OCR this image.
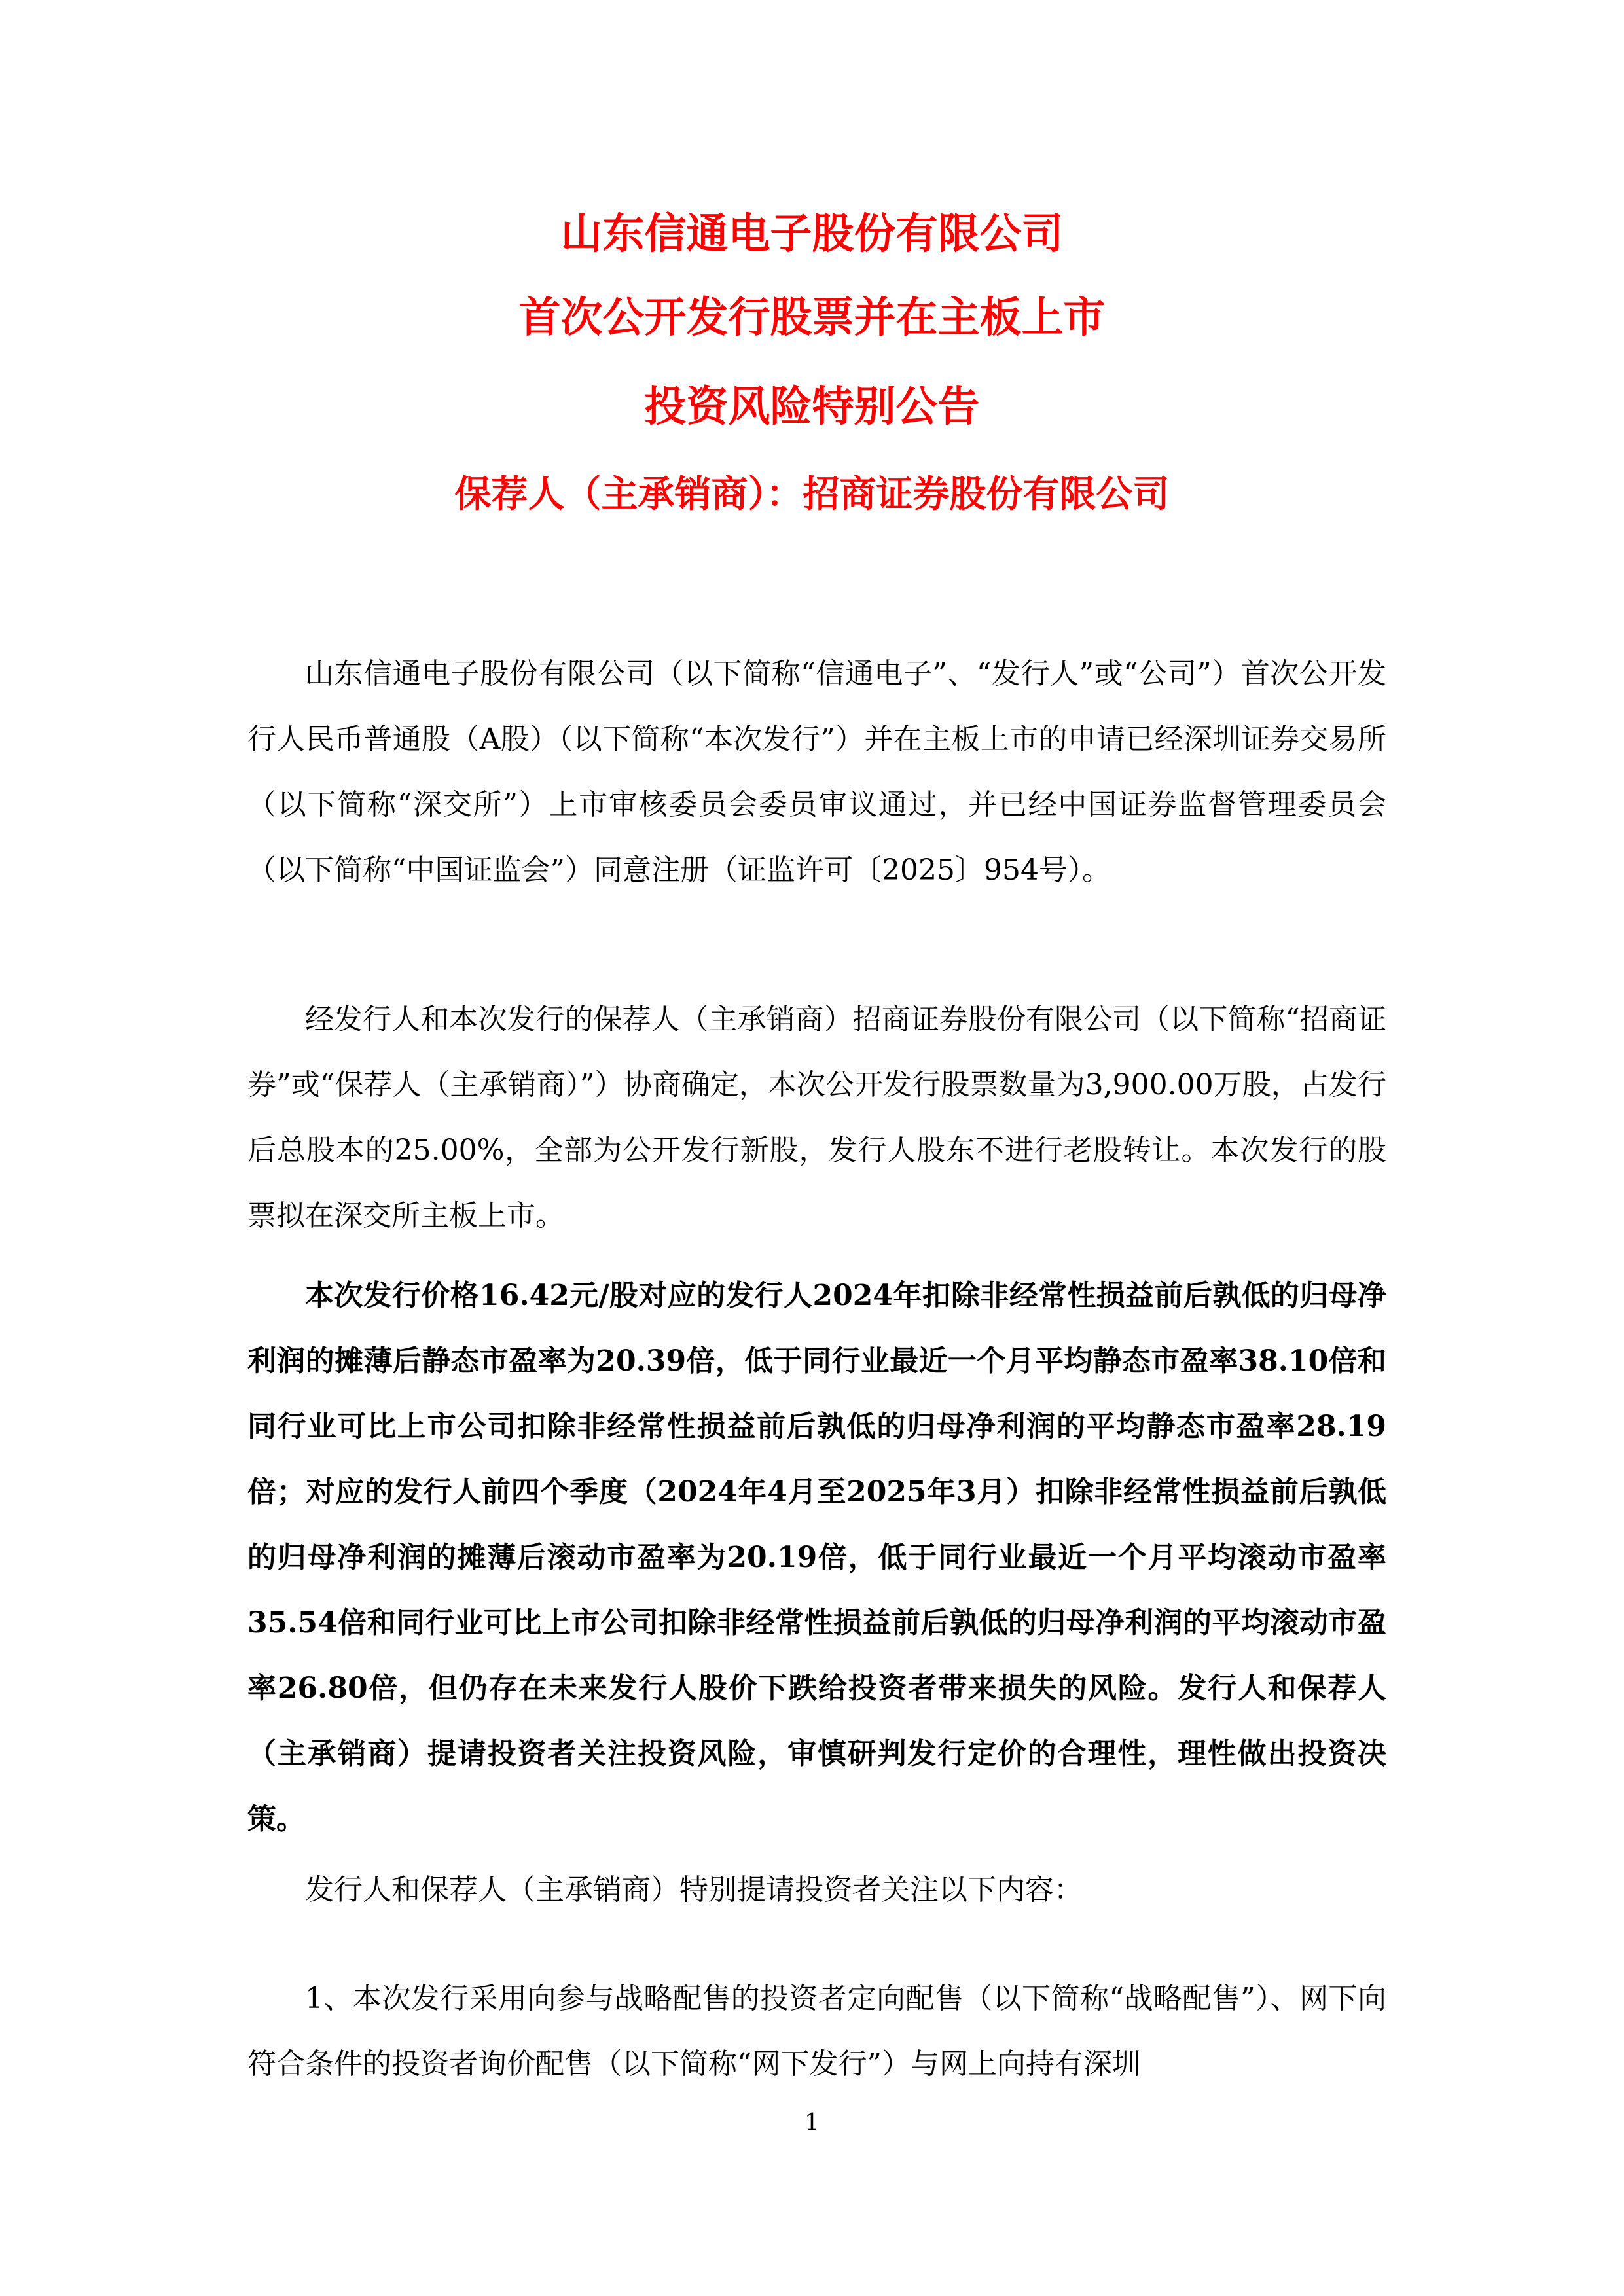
山东信通电子股份有限公司
首次公开发行股票并在主板上市
投资风险特别公告
保荐人（主承销商）：招商证券股份有限公司

山东信通电子股份有限公司（以下简称“信通电子”、“发行人”或“公司”）首次公开发行人民币普通股（A股）（以下简称“本次发行”）并在主板上市的申请已经深圳证券交易所（以下简称“深交所”）上市审核委员会委员审议通过，并已经中国证券监督管理委员会（以下简称“中国证监会”）同意注册（证监许可〔2025〕954号）。

经发行人和本次发行的保荐人（主承销商）招商证券股份有限公司（以下简称“招商证券”或“保荐人（主承销商）”）协商确定，本次公开发行股票数量为3,900.00万股，占发行后总股本的25.00%，全部为公开发行新股，发行人股东不进行老股转让。本次发行的股票拟在深交所主板上市。

本次发行价格16.42元/股对应的发行人2024年扣除非经常性损益前后孰低的归母净利润的摊薄后静态市盈率为20.39倍，低于同行业最近一个月平均静态市盈率38.10倍和同行业可比上市公司扣除非经常性损益前后孰低的归母净利润的平均静态市盈率28.19倍；对应的发行人前四个季度（2024年4月至2025年3月）扣除非经常性损益前后孰低的归母净利润的摊薄后滚动市盈率为20.19倍，低于同行业最近一个月平均滚动市盈率35.54倍和同行业可比上市公司扣除非经常性损益前后孰低的归母净利润的平均滚动市盈率26.80倍，但仍存在未来发行人股价下跌给投资者带来损失的风险。发行人和保荐人（主承销商）提请投资者关注投资风险，审慎研判发行定价的合理性，理性做出投资决策。

发行人和保荐人（主承销商）特别提请投资者关注以下内容：

1、本次发行采用向参与战略配售的投资者定向配售（以下简称“战略配售”）、网下向符合条件的投资者询价配售（以下简称“网下发行”）与网上向持有深圳

1
